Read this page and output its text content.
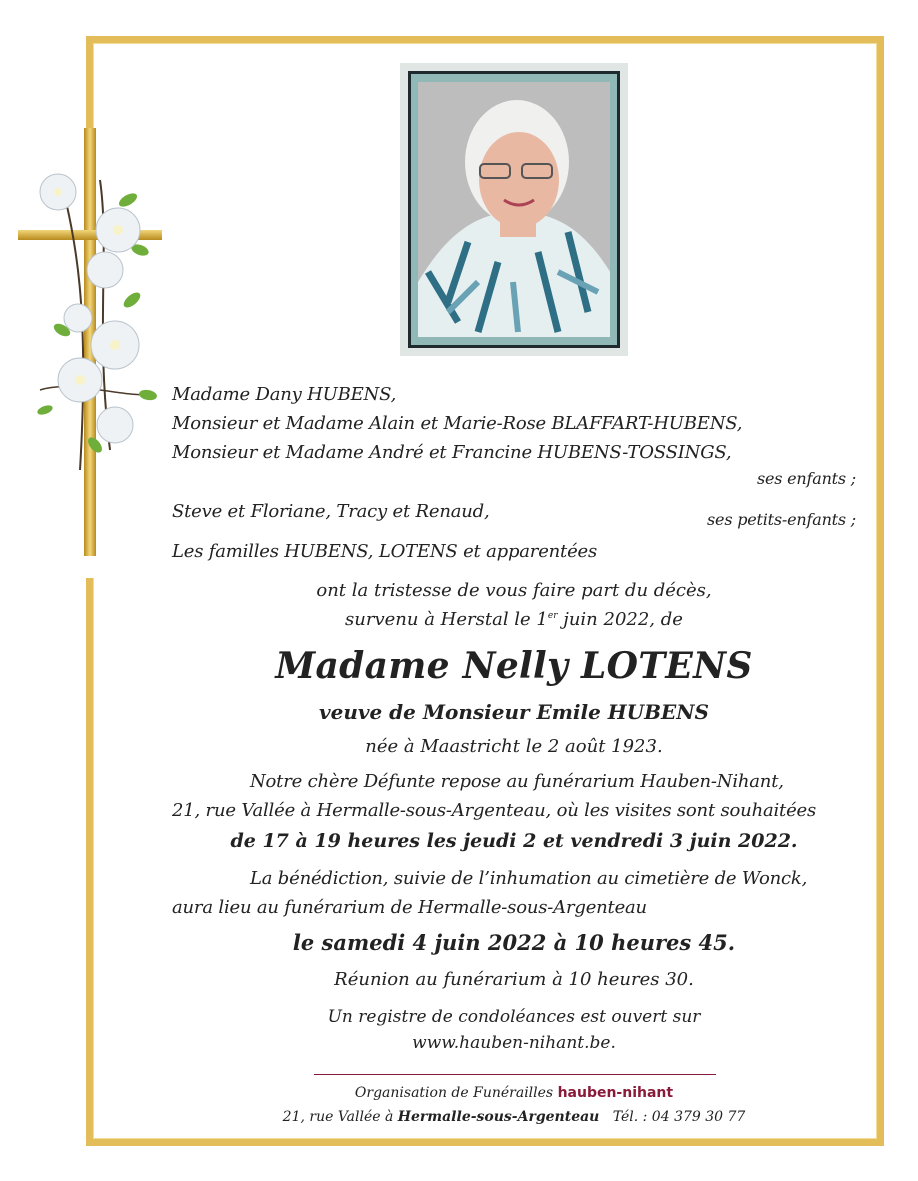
Madame Dany HUBENS,
Monsieur et Madame Alain et Marie-Rose BLAFFART-HUBENS,
Monsieur et Madame André et Francine HUBENS-TOSSINGS,
ses enfants ;
Steve et Floriane, Tracy et Renaud,	ses petits-enfants ;
Les familles HUBENS, LOTENS et apparentées
ont la tristesse de vous faire part du décès,
survenu à Herstal le 1er juin 2022, de
Madame Nelly LOTENS
veuve de Monsieur Emile HUBENS
née à Maastricht le 2 août 1923.
Notre chère Défunte repose au funérarium Hauben-Nihant,
21, rue Vallée à Hermalle-sous-Argenteau, où les visites sont souhaitées
de 17 à 19 heures les jeudi 2 et vendredi 3 juin 2022.
La bénédiction, suivie de l’inhumation au cimetière de Wonck,
aura lieu au funérarium de Hermalle-sous-Argenteau
le samedi 4 juin 2022 à 10 heures 45.
Réunion au funérarium à 10 heures 30.
Un registre de condoléances est ouvert sur
www.hauben-nihant.be.
Organisation de Funérailles hauben-nihant
21, rue Vallée à Hermalle-sous-Argenteau Tél. : 04 379 30 77
